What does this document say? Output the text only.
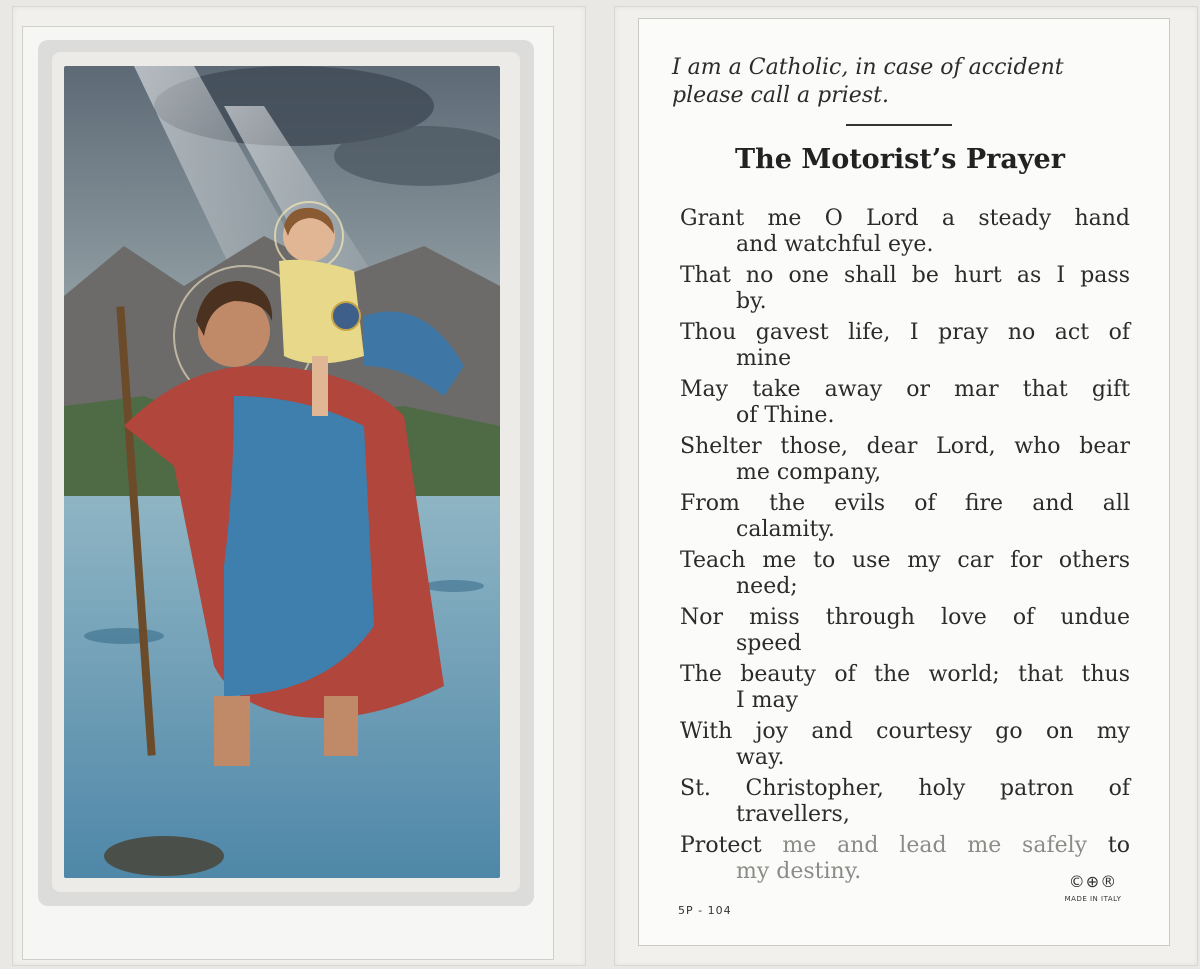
I am a Catholic, in case of accident
please call a priest.
The Motorist’s Prayer
Grant me O Lord a steady hand
and watchful eye.
That no one shall be hurt as I pass
by.
Thou gavest life, I pray no act of
mine
May take away or mar that gift
of Thine.
Shelter those, dear Lord, who bear
me company,
From the evils of fire and all
calamity.
Teach me to use my car for others
need;
Nor miss through love of undue
speed
The beauty of the world; that thus
I may
With joy and courtesy go on my
way.
St. Christopher, holy patron of
travellers,
Protect me and lead me safely to
my destiny.
5P - 104
©⊕®
MADE IN ITALY
